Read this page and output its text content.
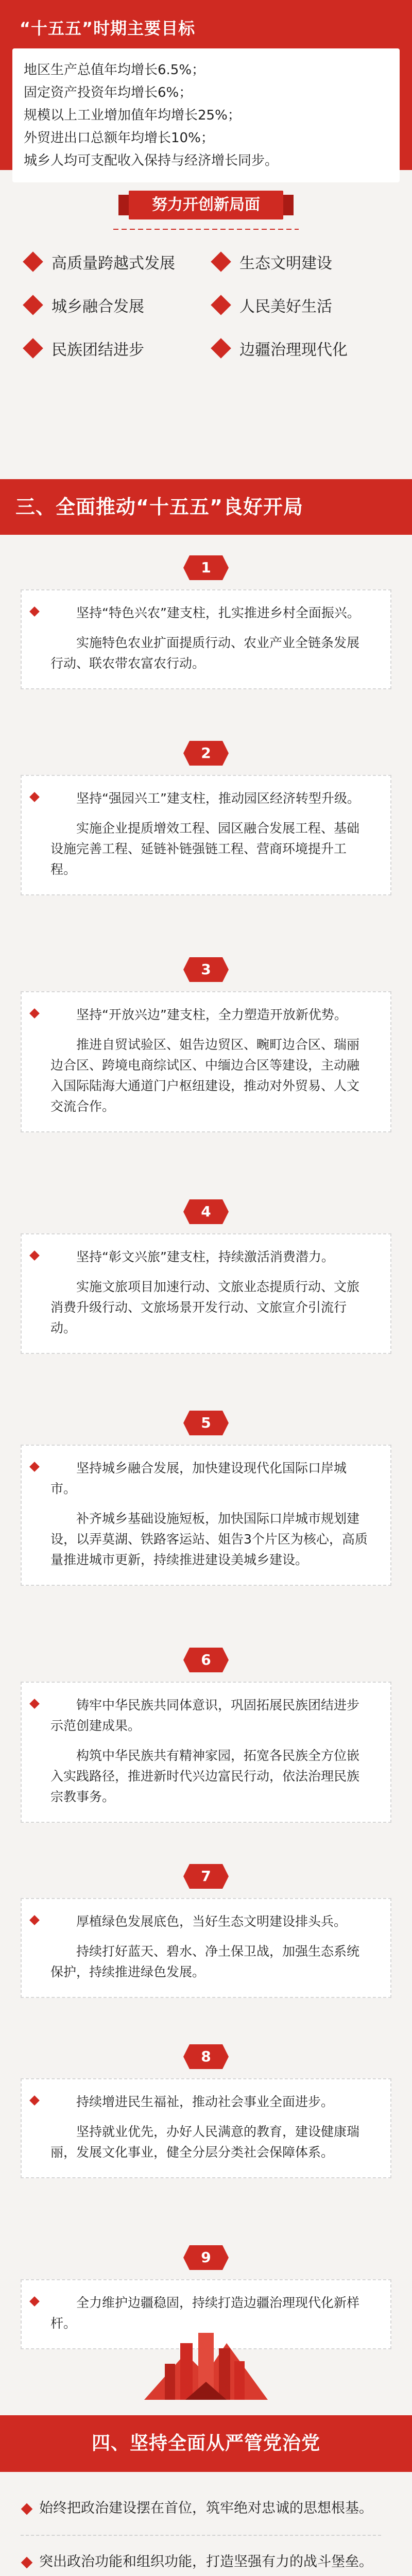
“十五五”时期主要目标
地区生产总值年均增长6.5%；
固定资产投资年均增长6%；
规模以上工业增加值年均增长25%；
外贸进出口总额年均增长10%；
城乡人均可支配收入保持与经济增长同步。
努力开创新局面
高质量跨越式发展	生态文明建设
城乡融合发展	人民美好生活
民族团结进步	边疆治理现代化
三、全面推动“十五五”良好开局
1

坚持“特色兴农”建支柱，扎实推进乡村全面振兴。

实施特色农业扩面提质行动、农业产业全链条发展行动、联农带农富农行动。

2

坚持“强园兴工”建支柱，推动园区经济转型升级。

实施企业提质增效工程、园区融合发展工程、基础设施完善工程、延链补链强链工程、营商环境提升工程。

3

坚持“开放兴边”建支柱，全力塑造开放新优势。

推进自贸试验区、姐告边贸区、畹町边合区、瑞丽边合区、跨境电商综试区、中缅边合区等建设，主动融入国际陆海大通道门户枢纽建设，推动对外贸易、人文交流合作。

4

坚持“彰文兴旅”建支柱，持续激活消费潜力。

实施文旅项目加速行动、文旅业态提质行动、文旅消费升级行动、文旅场景开发行动、文旅宣介引流行动。

5

坚持城乡融合发展，加快建设现代化国际口岸城市。

补齐城乡基础设施短板，加快国际口岸城市规划建设，以弄莫湖、铁路客运站、姐告3个片区为核心，高质量推进城市更新，持续推进建设美城乡建设。

6

铸牢中华民族共同体意识，巩固拓展民族团结进步示范创建成果。

构筑中华民族共有精神家园，拓宽各民族全方位嵌入实践路径，推进新时代兴边富民行动，依法治理民族宗教事务。

7

厚植绿色发展底色，当好生态文明建设排头兵。

持续打好蓝天、碧水、净土保卫战，加强生态系统保护，持续推进绿色发展。

8

持续增进民生福祉，推动社会事业全面进步。

坚持就业优先，办好人民满意的教育，建设健康瑞丽，发展文化事业，健全分层分类社会保障体系。

9

全力维护边疆稳固，持续打造边疆治理现代化新样杆。

四、坚持全面从严管党治党
始终把政治建设摆在首位，筑牢绝对忠诚的思想根基。
突出政治功能和组织功能，打造坚强有力的战斗堡垒。
